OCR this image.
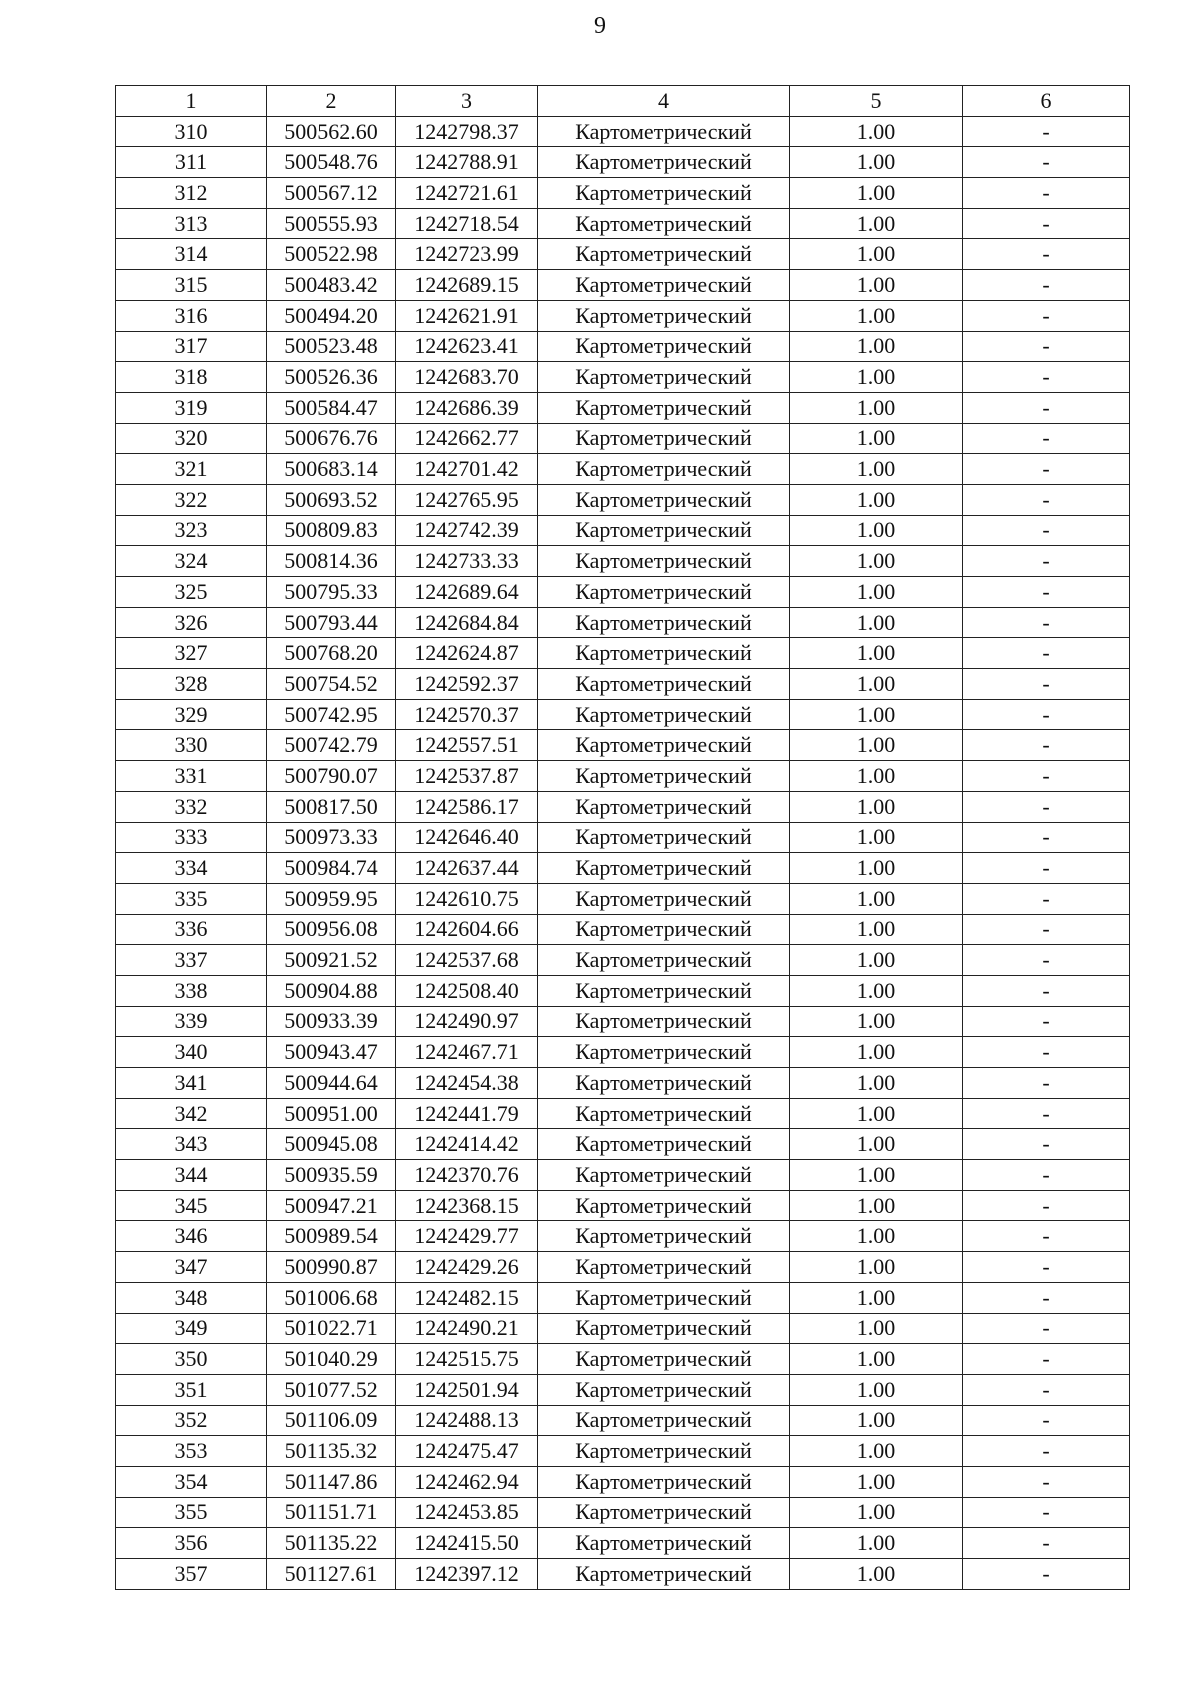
9
1	2	3	4	5	6
310	500562.60	1242798.37	Картометрический	1.00	-
311	500548.76	1242788.91	Картометрический	1.00	-
312	500567.12	1242721.61	Картометрический	1.00	-
313	500555.93	1242718.54	Картометрический	1.00	-
314	500522.98	1242723.99	Картометрический	1.00	-
315	500483.42	1242689.15	Картометрический	1.00	-
316	500494.20	1242621.91	Картометрический	1.00	-
317	500523.48	1242623.41	Картометрический	1.00	-
318	500526.36	1242683.70	Картометрический	1.00	-
319	500584.47	1242686.39	Картометрический	1.00	-
320	500676.76	1242662.77	Картометрический	1.00	-
321	500683.14	1242701.42	Картометрический	1.00	-
322	500693.52	1242765.95	Картометрический	1.00	-
323	500809.83	1242742.39	Картометрический	1.00	-
324	500814.36	1242733.33	Картометрический	1.00	-
325	500795.33	1242689.64	Картометрический	1.00	-
326	500793.44	1242684.84	Картометрический	1.00	-
327	500768.20	1242624.87	Картометрический	1.00	-
328	500754.52	1242592.37	Картометрический	1.00	-
329	500742.95	1242570.37	Картометрический	1.00	-
330	500742.79	1242557.51	Картометрический	1.00	-
331	500790.07	1242537.87	Картометрический	1.00	-
332	500817.50	1242586.17	Картометрический	1.00	-
333	500973.33	1242646.40	Картометрический	1.00	-
334	500984.74	1242637.44	Картометрический	1.00	-
335	500959.95	1242610.75	Картометрический	1.00	-
336	500956.08	1242604.66	Картометрический	1.00	-
337	500921.52	1242537.68	Картометрический	1.00	-
338	500904.88	1242508.40	Картометрический	1.00	-
339	500933.39	1242490.97	Картометрический	1.00	-
340	500943.47	1242467.71	Картометрический	1.00	-
341	500944.64	1242454.38	Картометрический	1.00	-
342	500951.00	1242441.79	Картометрический	1.00	-
343	500945.08	1242414.42	Картометрический	1.00	-
344	500935.59	1242370.76	Картометрический	1.00	-
345	500947.21	1242368.15	Картометрический	1.00	-
346	500989.54	1242429.77	Картометрический	1.00	-
347	500990.87	1242429.26	Картометрический	1.00	-
348	501006.68	1242482.15	Картометрический	1.00	-
349	501022.71	1242490.21	Картометрический	1.00	-
350	501040.29	1242515.75	Картометрический	1.00	-
351	501077.52	1242501.94	Картометрический	1.00	-
352	501106.09	1242488.13	Картометрический	1.00	-
353	501135.32	1242475.47	Картометрический	1.00	-
354	501147.86	1242462.94	Картометрический	1.00	-
355	501151.71	1242453.85	Картометрический	1.00	-
356	501135.22	1242415.50	Картометрический	1.00	-
357	501127.61	1242397.12	Картометрический	1.00	-
